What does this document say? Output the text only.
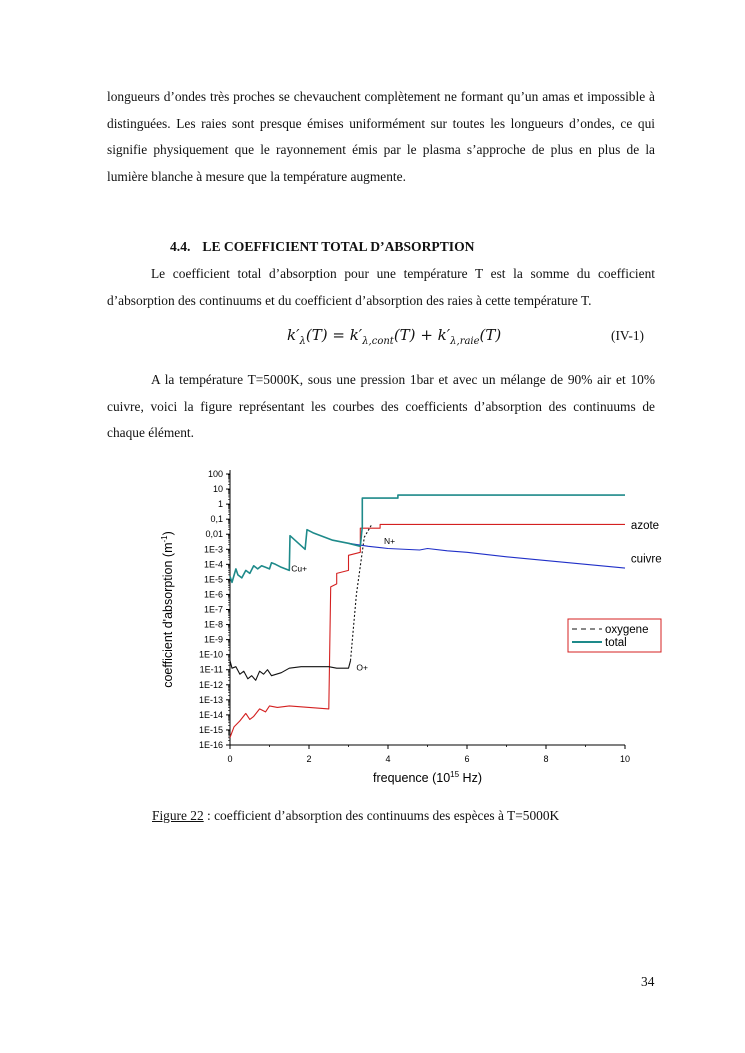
longueurs d’ondes très proches se chevauchent complètement ne formant qu’un amas et impossible à distinguées. Les raies sont presque émises uniformément sur toutes les longueurs d’ondes, ce qui signifie physiquement que le rayonnement émis par le plasma s’approche de plus en plus de la lumière blanche à mesure que la température augmente.

4.4. LE COEFFICIENT TOTAL D’ABSORPTION

Le coefficient total d’absorption pour une température T est la somme du coefficient d’absorption des continuums et du coefficient d’absorption des raies à cette température T.

$k'_\lambda(T) = k'_{\lambda,cont}(T) + k'_{\lambda,raie}(T)$	(IV-1)

A la température T=5000K, sous une pression 1bar et avec un mélange de 90% air et 10% cuivre, voici la figure représentant les courbes des coefficients d’absorption des continuums de chaque élément.

1E-16
1E-15
1E-14
1E-13
1E-12
1E-11
1E-10
1E-9
1E-8
1E-7
1E-6
1E-5
1E-4
1E-3
0,01
0,1
1
10
100
0	2	4	6	8	10
frequence ($10^{15}$ Hz)
coefficient d'absorption $(m^{-1})$
Cu+
N+
O+
azote
cuivre
oxygene
total
Figure 22 : coefficient d’absorption des continuums des espèces à T=5000K
34
